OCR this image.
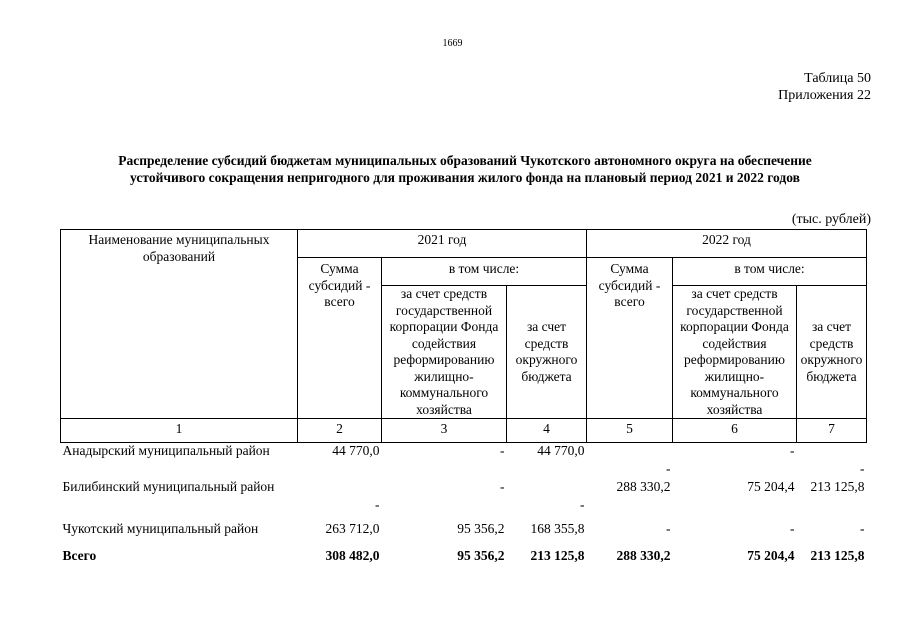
1669
Таблица 50
Приложения 22
Распределение субсидий бюджетам муниципальных образований Чукотского автономного округа на обеспечение
устойчивого сокращения непригодного для проживания жилого фонда на плановый период 2021 и 2022 годов
(тыс. рублей)
Наименование муниципальных образований	2021 год			2022 год		
	Сумма субсидий - всего	в том числе:		Сумма субсидий - всего	в том числе:	
		за счет средств государственной корпорации Фонда содействия реформированию жилищно-коммунального хозяйства	за счет средств окружного бюджета		за счет средств государственной корпорации Фонда содействия реформированию жилищно-коммунального хозяйства	за счет средств окружного бюджета
1	2	3	4	5	6	7
Анадырский муниципальный район	44 770,0	-	44 770,0	-	-	-

Билибинский муниципальный район	-	-	-	288 330,2	75 204,4	213 125,8

Чукотский муниципальный район	263 712,0	95 356,2	168 355,8	-	-	-
Всего	308 482,0	95 356,2	213 125,8	288 330,2	75 204,4	213 125,8
